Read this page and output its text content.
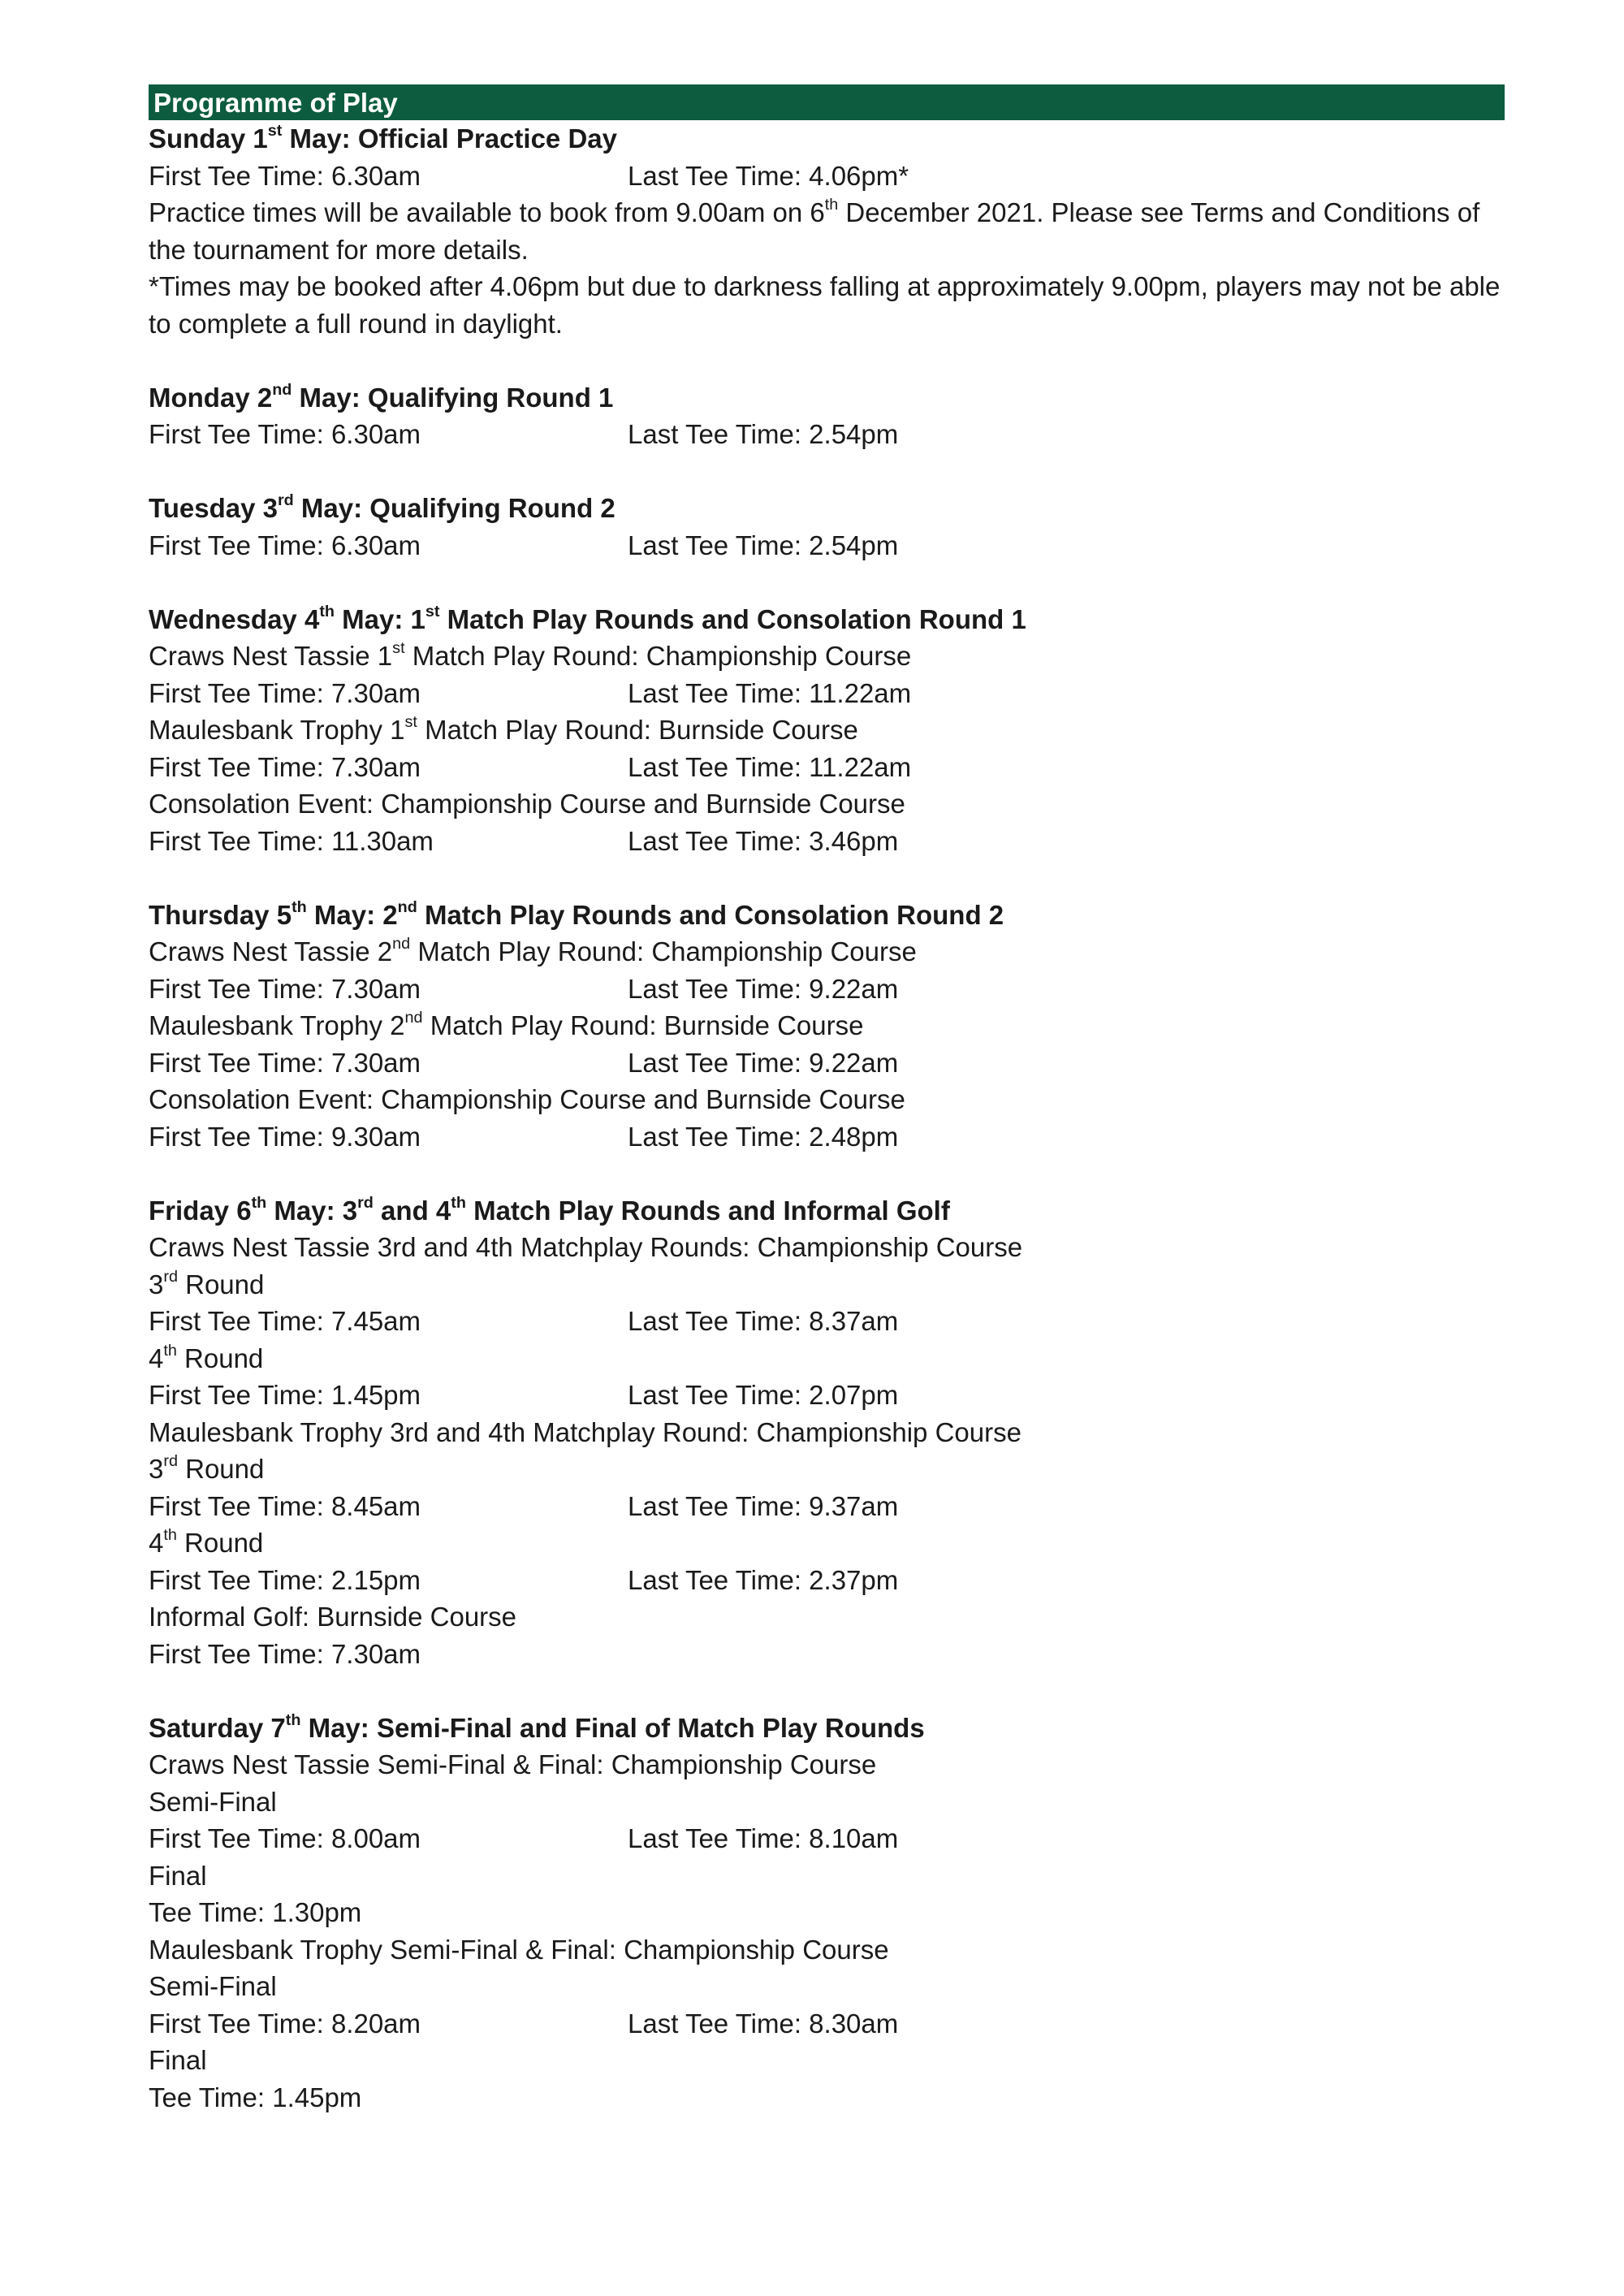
Programme of Play
Sunday 1st May: Official Practice Day
First Tee Time: 6.30am	Last Tee Time: 4.06pm*
Practice times will be available to book from 9.00am on 6th December 2021. Please see Terms and Conditions of the tournament for more details.
*Times may be booked after 4.06pm but due to darkness falling at approximately 9.00pm, players may not be able to complete a full round in daylight.
Monday 2nd May: Qualifying Round 1
First Tee Time: 6.30am	Last Tee Time: 2.54pm
Tuesday 3rd May: Qualifying Round 2
First Tee Time: 6.30am	Last Tee Time: 2.54pm
Wednesday 4th May: 1st Match Play Rounds and Consolation Round 1
Craws Nest Tassie 1st Match Play Round: Championship Course
First Tee Time: 7.30am	Last Tee Time: 11.22am
Maulesbank Trophy 1st Match Play Round: Burnside Course
First Tee Time: 7.30am	Last Tee Time: 11.22am
Consolation Event: Championship Course and Burnside Course
First Tee Time: 11.30am	Last Tee Time: 3.46pm
Thursday 5th May: 2nd Match Play Rounds and Consolation Round 2
Craws Nest Tassie 2nd Match Play Round: Championship Course
First Tee Time: 7.30am	Last Tee Time: 9.22am
Maulesbank Trophy 2nd Match Play Round: Burnside Course
First Tee Time: 7.30am	Last Tee Time: 9.22am
Consolation Event: Championship Course and Burnside Course
First Tee Time: 9.30am	Last Tee Time: 2.48pm
Friday 6th May: 3rd and 4th Match Play Rounds and Informal Golf
Craws Nest Tassie 3rd and 4th Matchplay Rounds: Championship Course
3rd Round
First Tee Time: 7.45am	Last Tee Time: 8.37am
4th Round
First Tee Time: 1.45pm	Last Tee Time: 2.07pm
Maulesbank Trophy 3rd and 4th Matchplay Round: Championship Course
3rd Round
First Tee Time: 8.45am	Last Tee Time: 9.37am
4th Round
First Tee Time: 2.15pm	Last Tee Time: 2.37pm
Informal Golf: Burnside Course
First Tee Time: 7.30am
Saturday 7th May: Semi-Final and Final of Match Play Rounds
Craws Nest Tassie Semi-Final & Final: Championship Course
Semi-Final
First Tee Time: 8.00am	Last Tee Time: 8.10am
Final
Tee Time: 1.30pm
Maulesbank Trophy Semi-Final & Final: Championship Course
Semi-Final
First Tee Time: 8.20am	Last Tee Time: 8.30am
Final
Tee Time: 1.45pm
